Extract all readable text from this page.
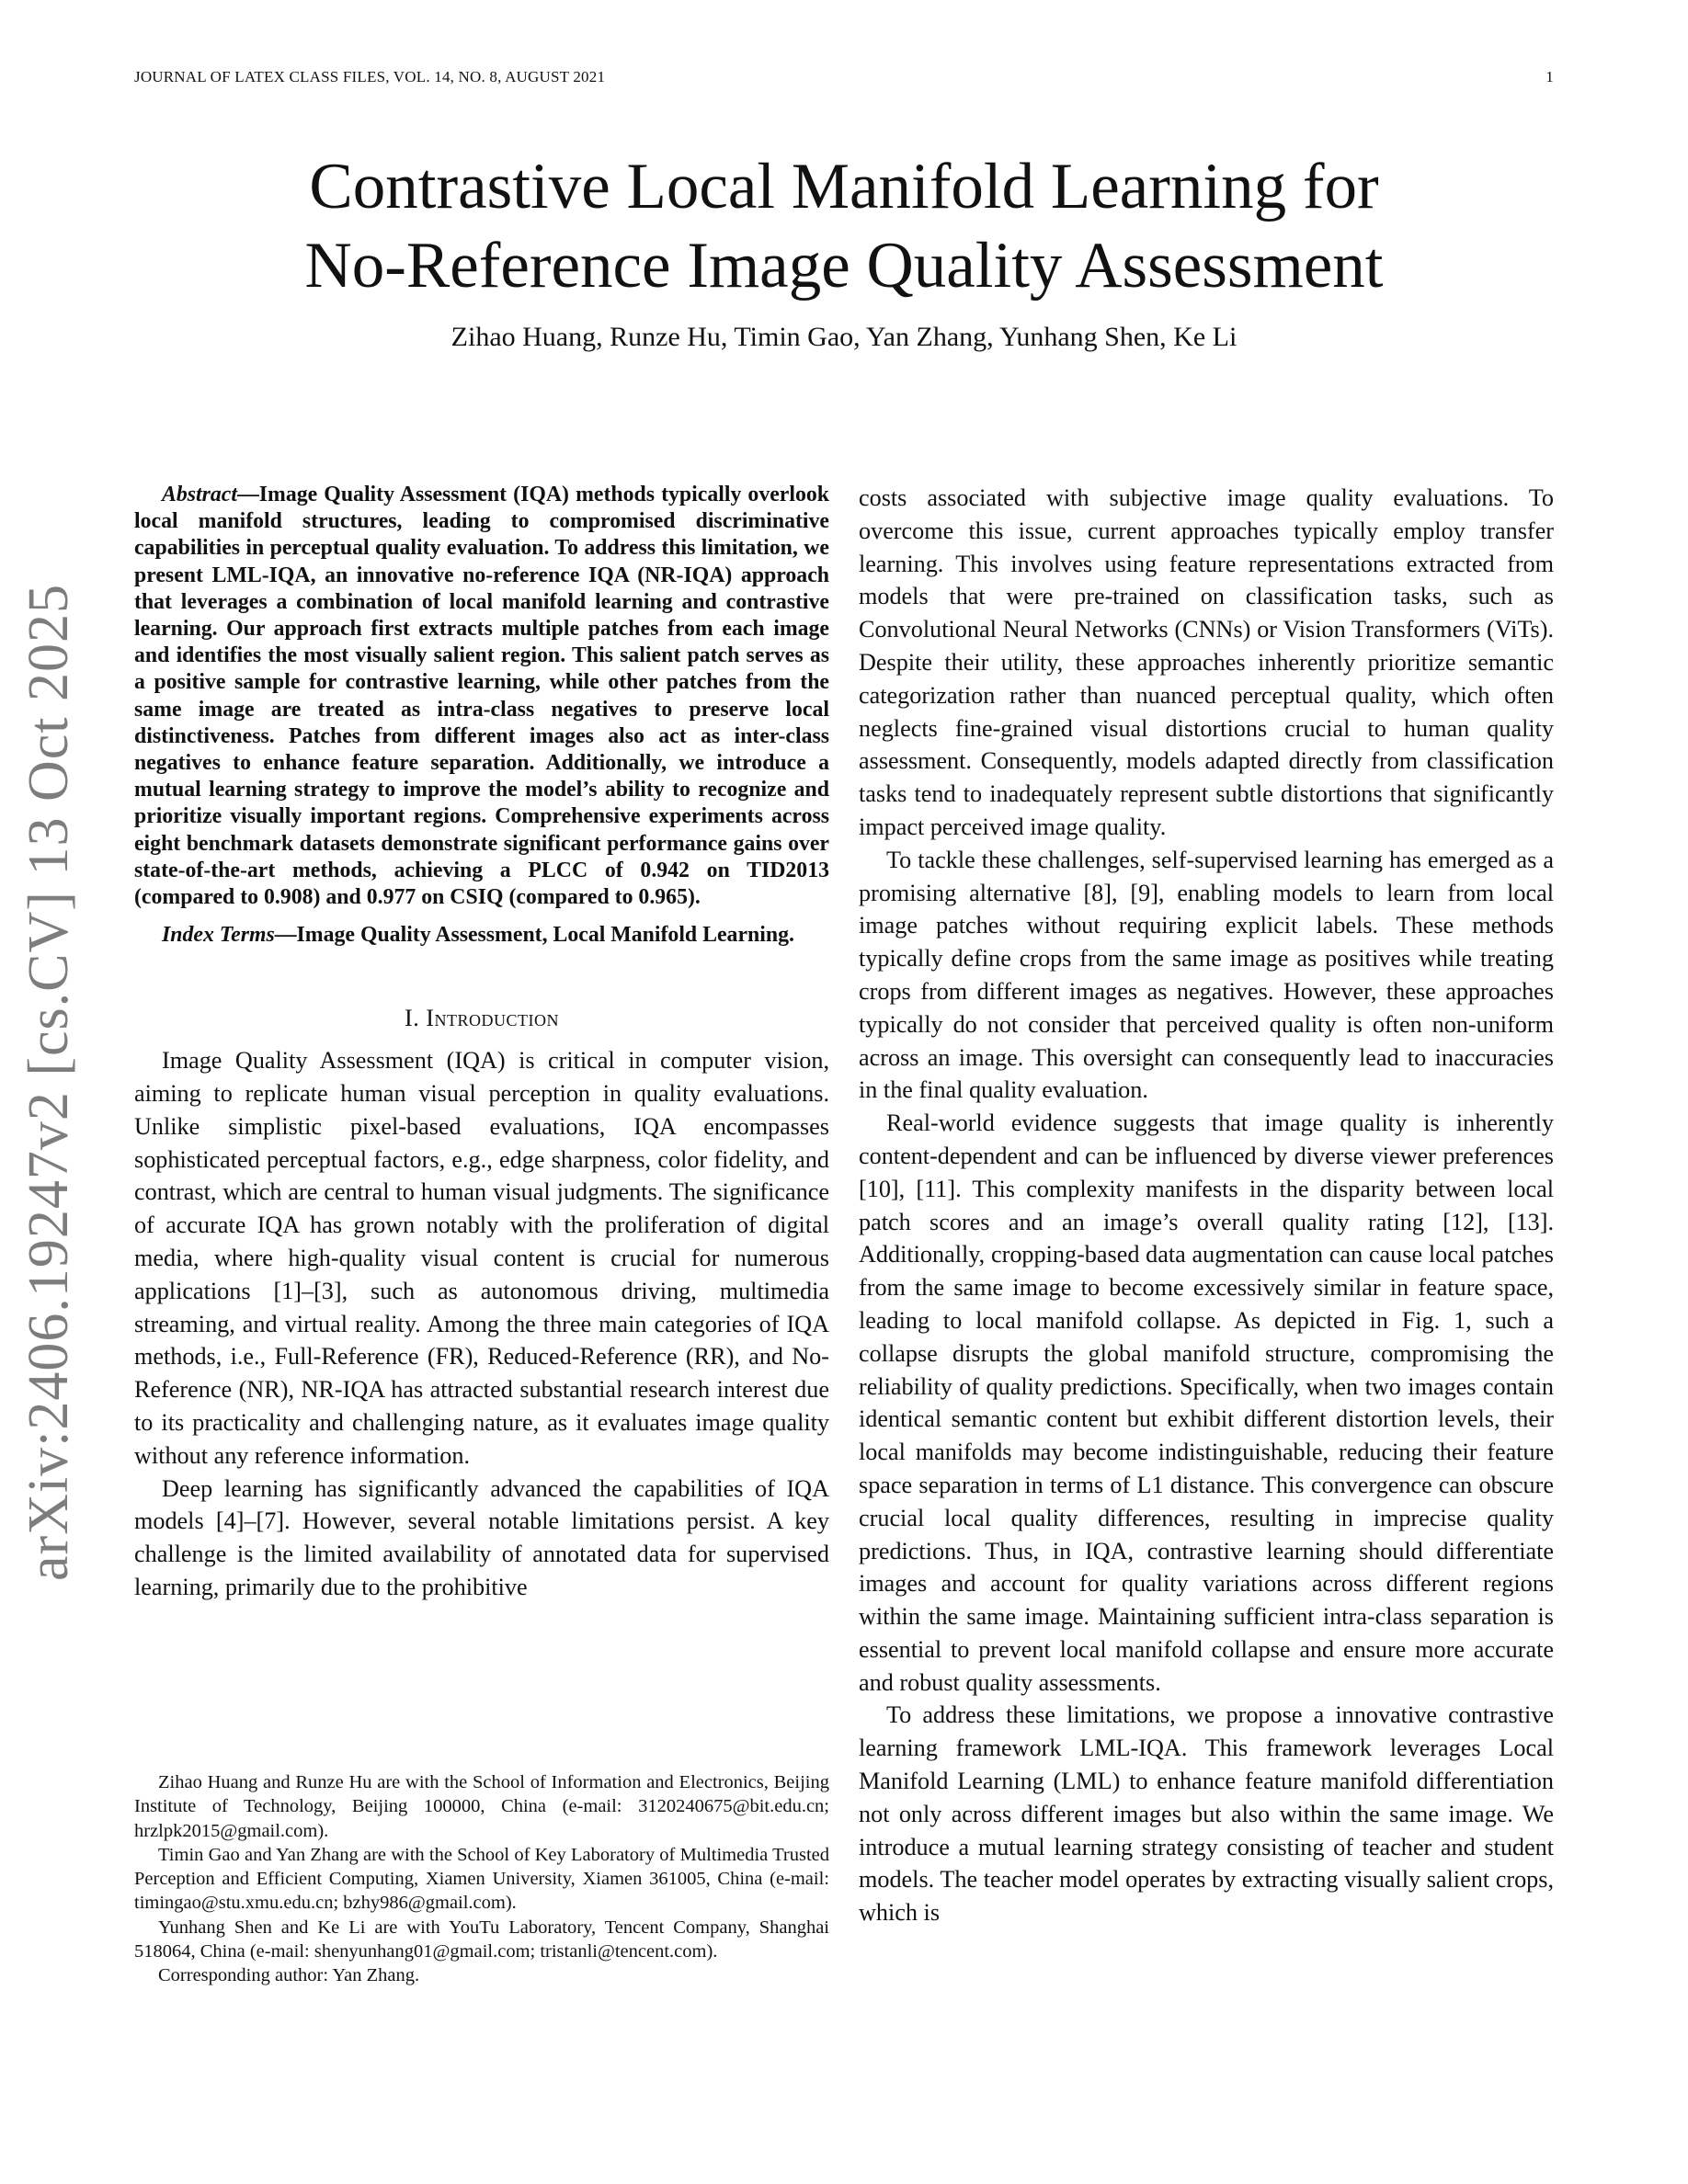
JOURNAL OF LATEX CLASS FILES, VOL. 14, NO. 8, AUGUST 2021	1
arXiv:2406.19247v2 [cs.CV] 13 Oct 2025
Contrastive Local Manifold Learning for
No-Reference Image Quality Assessment
Zihao Huang, Runze Hu, Timin Gao, Yan Zhang, Yunhang Shen, Ke Li

Abstract—Image Quality Assessment (IQA) methods typically overlook local manifold structures, leading to compromised discriminative capabilities in perceptual quality evaluation. To address this limitation, we present LML-IQA, an innovative no-reference IQA (NR-IQA) approach that leverages a combination of local manifold learning and contrastive learning. Our approach first extracts multiple patches from each image and identifies the most visually salient region. This salient patch serves as a positive sample for contrastive learning, while other patches from the same image are treated as intra-class negatives to preserve local distinctiveness. Patches from different images also act as inter-class negatives to enhance feature separation. Additionally, we introduce a mutual learning strategy to improve the model’s ability to recognize and prioritize visually important regions. Comprehensive experiments across eight benchmark datasets demonstrate significant performance gains over state-of-the-art methods, achieving a PLCC of 0.942 on TID2013 (compared to 0.908) and 0.977 on CSIQ (compared to 0.965).

Index Terms—Image Quality Assessment, Local Manifold Learning.

I. Introduction

Image Quality Assessment (IQA) is critical in computer vision, aiming to replicate human visual perception in quality evaluations. Unlike simplistic pixel-based evaluations, IQA encompasses sophisticated perceptual factors, e.g., edge sharpness, color fidelity, and contrast, which are central to human visual judgments. The significance of accurate IQA has grown notably with the proliferation of digital media, where high-quality visual content is crucial for numerous applications [1]–[3], such as autonomous driving, multimedia streaming, and virtual reality. Among the three main categories of IQA methods, i.e., Full-Reference (FR), Reduced-Reference (RR), and No-Reference (NR), NR-IQA has attracted substantial research interest due to its practicality and challenging nature, as it evaluates image quality without any reference information.

Deep learning has significantly advanced the capabilities of IQA models [4]–[7]. However, several notable limitations persist. A key challenge is the limited availability of annotated data for supervised learning, primarily due to the prohibitive

Zihao Huang and Runze Hu are with the School of Information and Electronics, Beijing Institute of Technology, Beijing 100000, China (e-mail: 3120240675@bit.edu.cn; hrzlpk2015@gmail.com).

Timin Gao and Yan Zhang are with the School of Key Laboratory of Multimedia Trusted Perception and Efficient Computing, Xiamen University, Xiamen 361005, China (e-mail: timingao@stu.xmu.edu.cn; bzhy986@gmail.com).

Yunhang Shen and Ke Li are with YouTu Laboratory, Tencent Company, Shanghai 518064, China (e-mail: shenyunhang01@gmail.com; tristanli@tencent.com).

Corresponding author: Yan Zhang.

costs associated with subjective image quality evaluations. To overcome this issue, current approaches typically employ transfer learning. This involves using feature representations extracted from models that were pre-trained on classification tasks, such as Convolutional Neural Networks (CNNs) or Vision Transformers (ViTs). Despite their utility, these approaches inherently prioritize semantic categorization rather than nuanced perceptual quality, which often neglects fine-grained visual distortions crucial to human quality assessment. Consequently, models adapted directly from classification tasks tend to inadequately represent subtle distortions that significantly impact perceived image quality.

To tackle these challenges, self-supervised learning has emerged as a promising alternative [8], [9], enabling models to learn from local image patches without requiring explicit labels. These methods typically define crops from the same image as positives while treating crops from different images as negatives. However, these approaches typically do not consider that perceived quality is often non-uniform across an image. This oversight can consequently lead to inaccuracies in the final quality evaluation.

Real-world evidence suggests that image quality is inherently content-dependent and can be influenced by diverse viewer preferences [10], [11]. This complexity manifests in the disparity between local patch scores and an image’s overall quality rating [12], [13]. Additionally, cropping-based data augmentation can cause local patches from the same image to become excessively similar in feature space, leading to local manifold collapse. As depicted in Fig. 1, such a collapse disrupts the global manifold structure, compromising the reliability of quality predictions. Specifically, when two images contain identical semantic content but exhibit different distortion levels, their local manifolds may become indistinguishable, reducing their feature space separation in terms of L1 distance. This convergence can obscure crucial local quality differences, resulting in imprecise quality predictions. Thus, in IQA, contrastive learning should differentiate images and account for quality variations across different regions within the same image. Maintaining sufficient intra-class separation is essential to prevent local manifold collapse and ensure more accurate and robust quality assessments.

To address these limitations, we propose a innovative contrastive learning framework LML-IQA. This framework leverages Local Manifold Learning (LML) to enhance feature manifold differentiation not only across different images but also within the same image. We introduce a mutual learning strategy consisting of teacher and student models. The teacher model operates by extracting visually salient crops, which is
